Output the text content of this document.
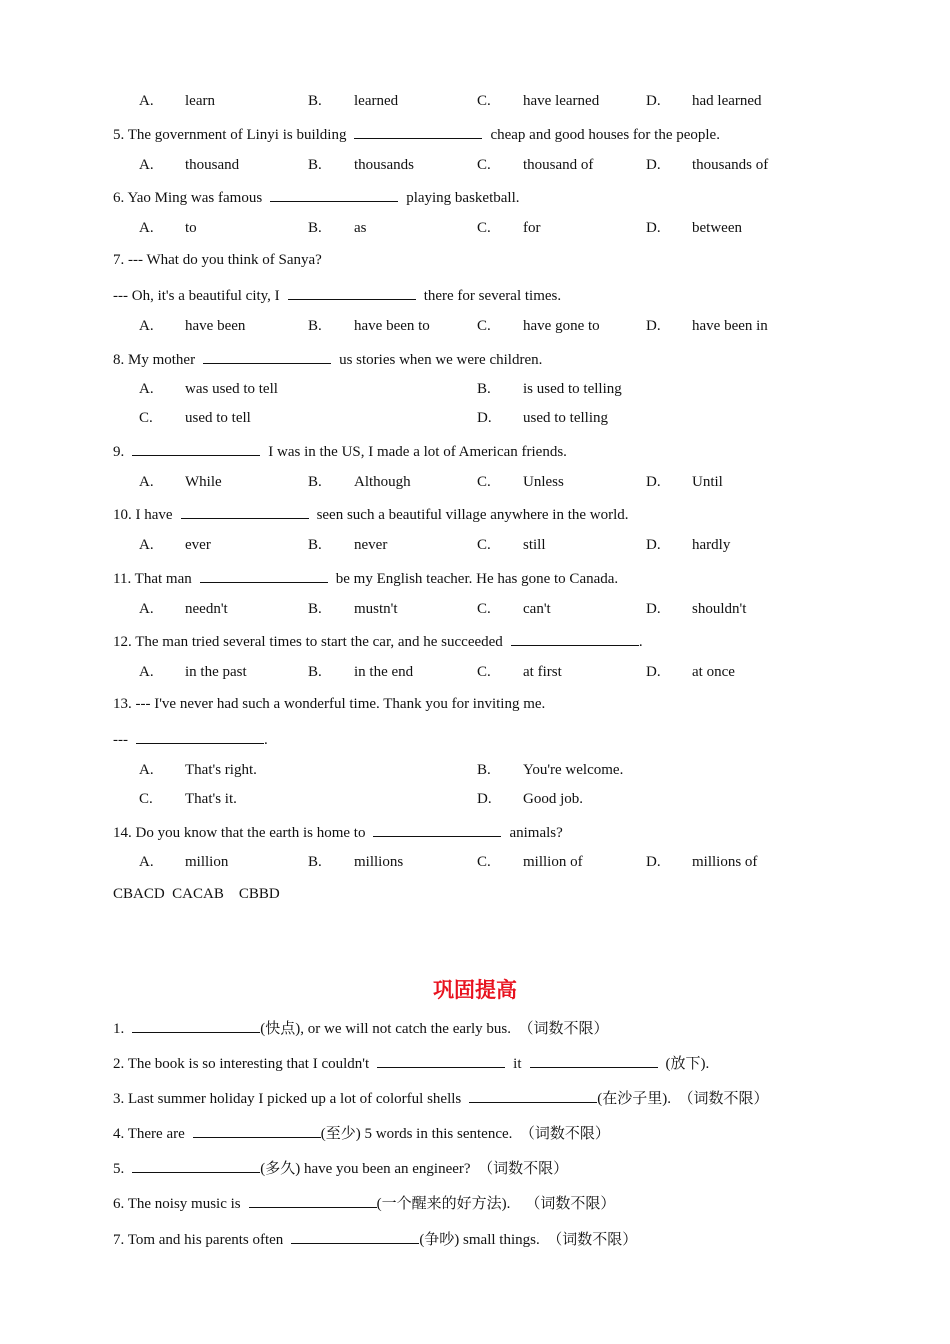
A. learn	B. learned	C. have learned	D. had learned
5. The government of Linyi is building	cheap and good houses for the people.
A. thousand	B. thousands	C. thousand of	D. thousands of
6. Yao Ming was famous	playing basketball.
A. to	B. as	C. for	D. between
7. --- What do you think of Sanya?
--- Oh, it's a beautiful city, I	there for several times.
A. have been	B. have been to	C. have gone to	D. have been in
8. My mother	us stories when we were children.
A. was used to tell	B. is used to telling
C. used to tell	D. used to telling
9.	I was in the US, I made a lot of American friends.
A. While	B. Although	C. Unless	D. Until
10. I have	seen such a beautiful village anywhere in the world.
A. ever	B. never	C. still	D. hardly
11. That man	be my English teacher. He has gone to Canada.
A. needn't	B. mustn't	C. can't	D. shouldn't
12. The man tried several times to start the car, and he succeeded	.
A. in the past	B. in the end	C. at first	D. at once
13. --- I've never had such a wonderful time. Thank you for inviting me.
---	.
A. That's right.	B. You're welcome.
C. That's it.	D. Good job.
14. Do you know that the earth is home to	animals?
A. million	B. millions	C. million of	D. millions of
CBACD  CACAB    CBBD
巩固提高
1.	(快点), or we will not catch the early bus.  （词数不限）
2. The book is so interesting that I couldn't	it	(放下).
3. Last summer holiday I picked up a lot of colorful shells	(在沙子里).  （词数不限）
4. There are	(至少) 5 words in this sentence.  （词数不限）
5.	(多久) have you been an engineer?  （词数不限）
6. The noisy music is	(一个醒来的好方法).    （词数不限）
7. Tom and his parents often	(争吵) small things.  （词数不限）
